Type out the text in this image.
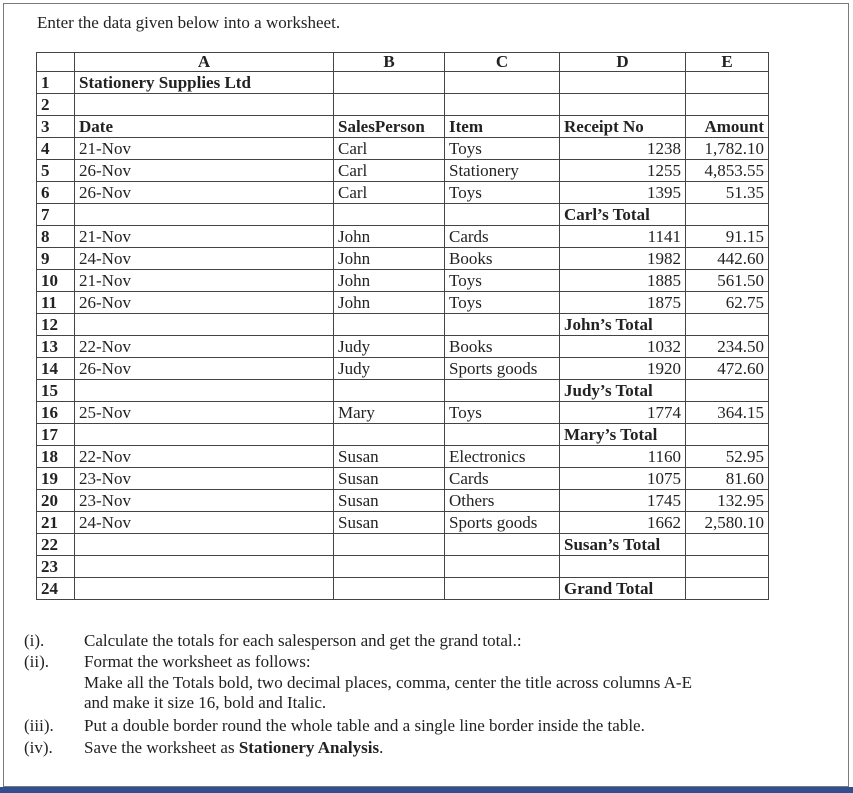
Enter the data given below into a worksheet.
	A	B	C	D	E
1	Stationery Supplies Ltd				
2					
3	Date	SalesPerson	Item	Receipt No	Amount
4	21-Nov	Carl	Toys	1238	1,782.10
5	26-Nov	Carl	Stationery	1255	4,853.55
6	26-Nov	Carl	Toys	1395	51.35
7				Carl’s Total	
8	21-Nov	John	Cards	1141	91.15
9	24-Nov	John	Books	1982	442.60
10	21-Nov	John	Toys	1885	561.50
11	26-Nov	John	Toys	1875	62.75
12				John’s Total	
13	22-Nov	Judy	Books	1032	234.50
14	26-Nov	Judy	Sports goods	1920	472.60
15				Judy’s Total	
16	25-Nov	Mary	Toys	1774	364.15
17				Mary’s Total	
18	22-Nov	Susan	Electronics	1160	52.95
19	23-Nov	Susan	Cards	1075	81.60
20	23-Nov	Susan	Others	1745	132.95
21	24-Nov	Susan	Sports goods	1662	2,580.10
22				Susan’s Total	
23					
24				Grand Total	
(i). Calculate the totals for each salesperson and get the grand total.:
(ii). Format the worksheet as follows:
Make all the Totals bold, two decimal places, comma, center the title across columns A-E
and make it size 16, bold and Italic.
(iii). Put a double border round the whole table and a single line border inside the table.
(iv). Save the worksheet as Stationery Analysis.
